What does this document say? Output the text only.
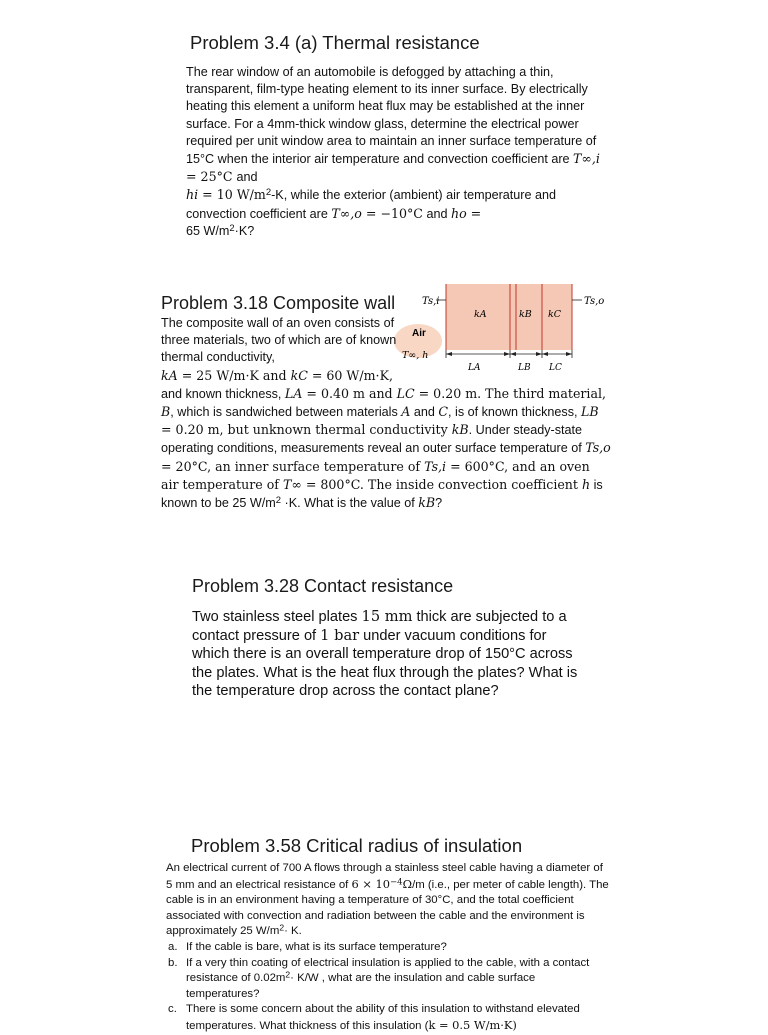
Problem 3.4 (a) Thermal resistance

The rear window of an automobile is defogged by attaching a thin, transparent, film-type heating element to its inner surface. By electrically heating this element a uniform heat flux may be established at the inner surface. For a 4mm-thick window glass, determine the electrical power required per unit window area to maintain an inner surface temperature of 15°C when the interior air temperature and convection coefficient are T∞,i = 25°C and
hi = 10 $W/m^2-K$, while the exterior (ambient) air temperature and convection coefficient are T∞,o = −10°C and ho =
65 $W/m^2\cdot K$?

Ts,i	Ts,o
kA	kB kC
Air
T∞, h
LA	LB LC
Problem 3.18 Composite wall

The composite wall of an oven consists of three materials, two of which are of known thermal conductivity,

kA = 25 W/m·K and kC = 60 W/m·K,
and known thickness, LA = 0.40 m and LC = 0.20 m. The third material, B, which is sandwiched between materials A and C, is of known thickness, LB = 0.20 m, but unknown thermal conductivity kB. Under steady-state operating conditions, measurements reveal an outer surface temperature of Ts,o = 20°C, an inner surface temperature of Ts,i = 600°C, and an oven air temperature of T∞ = 800°C. The inside convection coefficient h is known to be 25 $W/m^2 \cdot K$. What is the value of kB?

Problem 3.28 Contact resistance

Two stainless steel plates 15 mm thick are subjected to a contact pressure of 1 bar under vacuum conditions for which there is an overall temperature drop of 150°C across the plates. What is the heat flux through the plates? What is the temperature drop across the contact plane?

Problem 3.58 Critical radius of insulation

An electrical current of 700 A flows through a stainless steel cable having a diameter of 5 mm and an electrical resistance of $6 \times 10^{-4}\Omega/m$ (i.e., per meter of cable length). The cable is in an environment having a temperature of 30°C, and the total coefficient associated with convection and radiation between the cable and the environment is approximately 25 $W/m^2\cdot K$.

a. If the cable is bare, what is its surface temperature?
b. If a very thin coating of electrical insulation is applied to the cable, with a contact resistance of $0.02m^2\cdot K/W$ , what are the insulation and cable surface temperatures?
c. There is some concern about the ability of this insulation to withstand elevated temperatures. What thickness of this insulation (k = 0.5 W/m·K)
